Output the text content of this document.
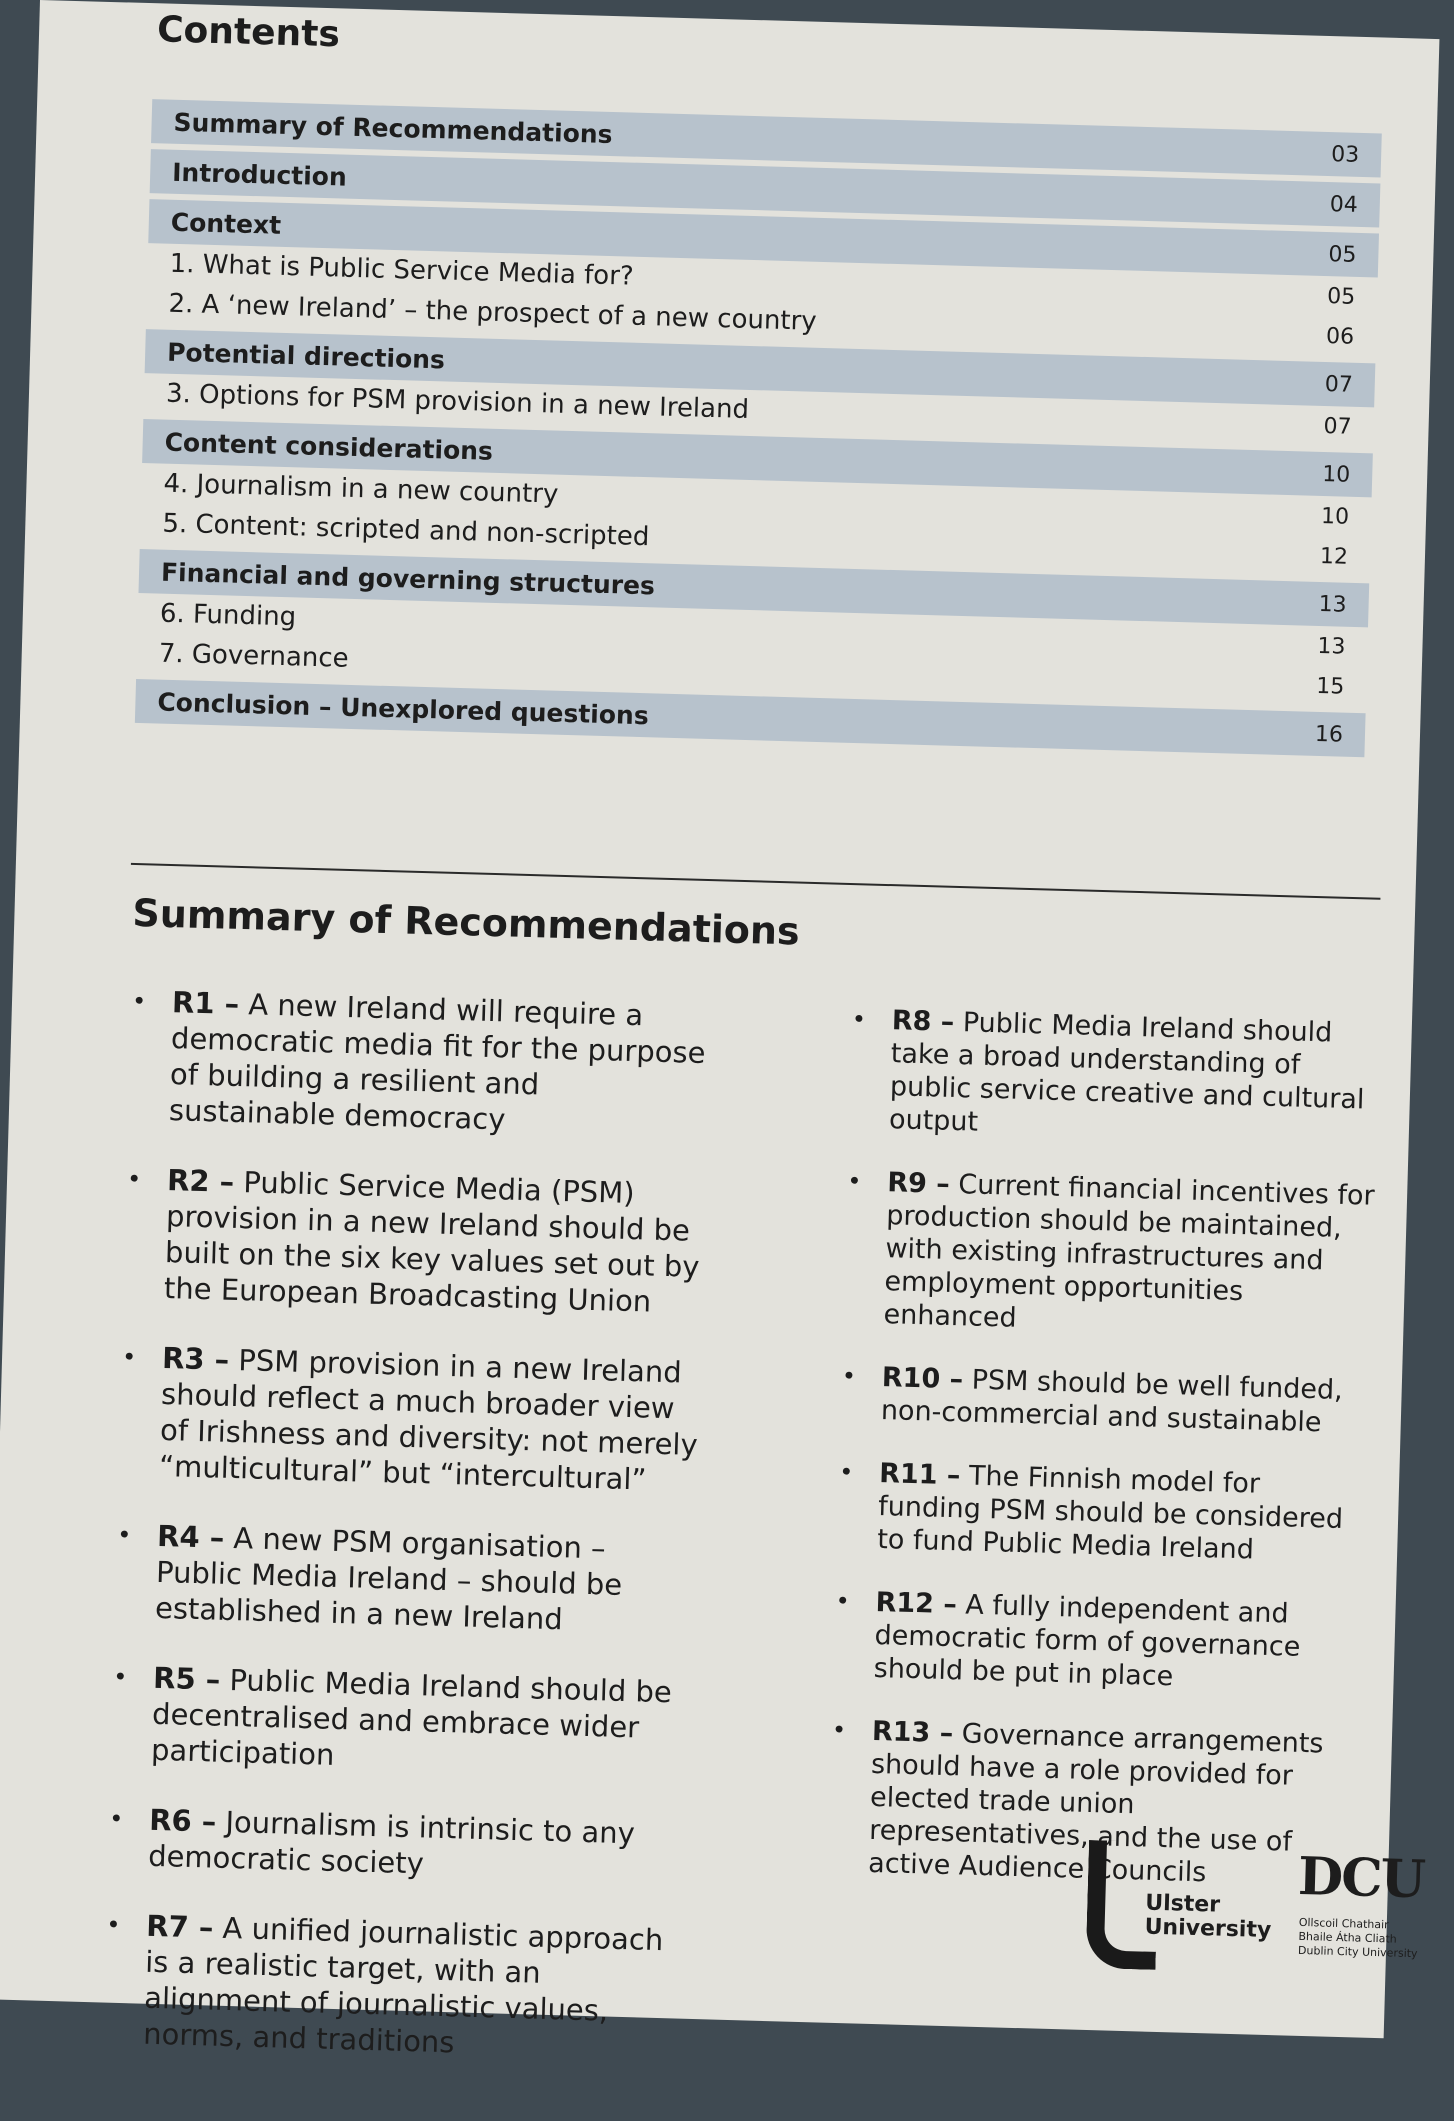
Contents
Summary of Recommendations
03
Introduction
04
Context
05
1. What is Public Service Media for?
05
2. A ‘new Ireland’ – the prospect of a new country	06
Potential directions
07
3. Options for PSM provision in a new Ireland
07
Content considerations
10
4. Journalism in a new country
10
5. Content: scripted and non-scripted
12
Financial and governing structures
13
6. Funding
13
7. Governance
15
Conclusion – Unexplored questions
16
Summary of Recommendations
• R1 – A new Ireland will require a democratic media fit for the purpose of building a resilient and sustainable democracy
• R2 – Public Service Media (PSM) provision in a new Ireland should be built on the six key values set out by the European Broadcasting Union
• R3 – PSM provision in a new Ireland should reflect a much broader view of Irishness and diversity: not merely “multicultural” but “intercultural”
• R4 – A new PSM organisation – Public Media Ireland – should be established in a new Ireland
• R5 – Public Media Ireland should be decentralised and embrace wider participation
• R6 – Journalism is intrinsic to any democratic society
• R7 – A unified journalistic approach is a realistic target, with an alignment of journalistic values, norms, and traditions
• R8 – Public Media Ireland should take a broad understanding of public service creative and cultural output
• R9 – Current financial incentives for production should be maintained, with existing infrastructures and employment opportunities enhanced
• R10 – PSM should be well funded, non-commercial and sustainable
• R11 – The Finnish model for funding PSM should be considered to fund Public Media Ireland
• R12 – A fully independent and democratic form of governance should be put in place
• R13 – Governance arrangements should have a role provided for elected trade union representatives, and the use of active Audience Councils
Ulster
University
DCU
Ollscoil Chathair Bhaile Átha Cliath Dublin City University
